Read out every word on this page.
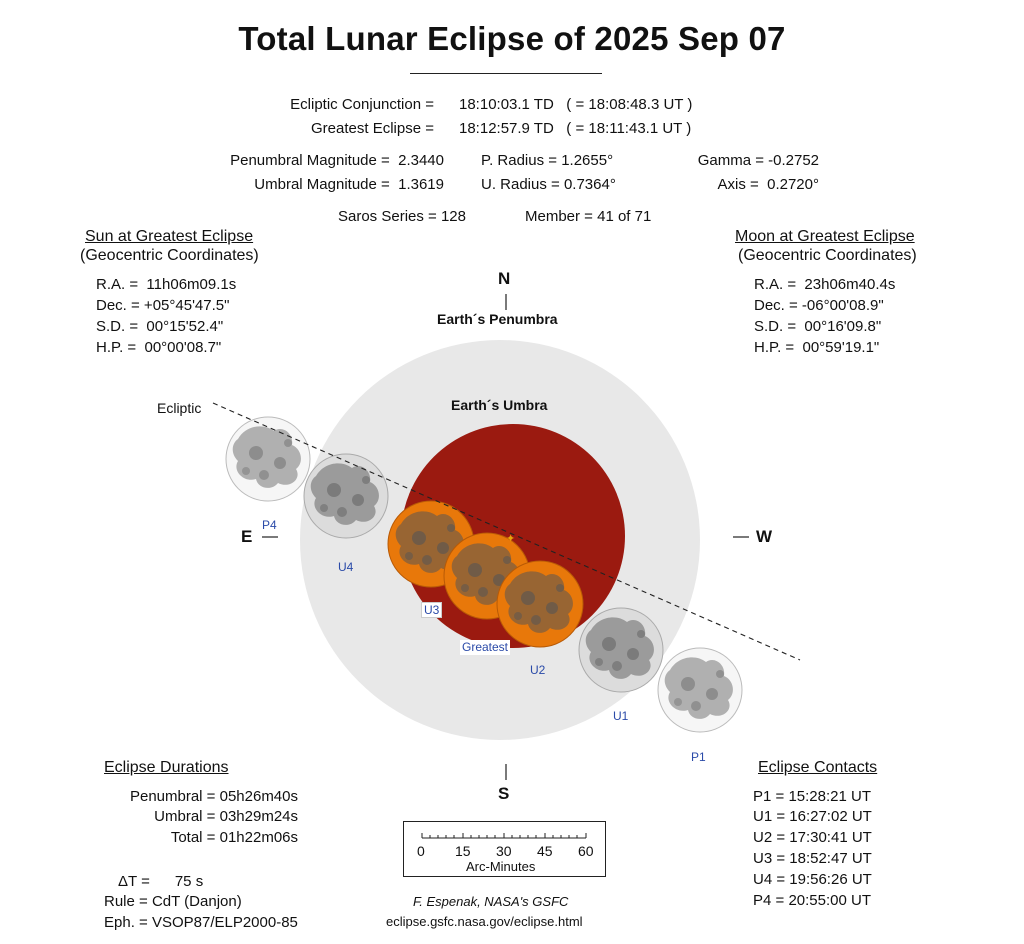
Total Lunar Eclipse of 2025 Sep 07
Ecliptic Conjunction = 18:10:03.1 TD   ( = 18:08:48.3 UT )
Greatest Eclipse = 18:12:57.9 TD   ( = 18:11:43.1 UT )
Penumbral Magnitude =  2.3440
Umbral Magnitude =  1.3619
P. Radius = 1.2655°
U. Radius = 0.7364°
Gamma = -0.2752
Axis =  0.2720°
Saros Series = 128	Member = 41 of 71
Sun at Greatest Eclipse
(Geocentric Coordinates)
R.A. =  11h06m09.1s
Dec. = +05°45'47.5"
S.D. =  00°15'52.4"
H.P. =  00°00'08.7"
Moon at Greatest Eclipse
(Geocentric Coordinates)
R.A. =  23h06m40.4s
Dec. = -06°00'08.9"
S.D. =  00°16'09.8"
H.P. =  00°59'19.1"
✦
N
S
E	W
Earth´s Penumbra
Earth´s Umbra
Ecliptic
P4
U4
U3
Greatest
U2
U1
P1
Eclipse Durations
Penumbral = 05h26m40s
Umbral = 03h29m24s
Total = 01h22m06s
ΔT =      75 s
Rule = CdT (Danjon)
Eph. = VSOP87/ELP2000-85
Eclipse Contacts
P1 = 15:28:21 UT
U1 = 16:27:02 UT
U2 = 17:30:41 UT
U3 = 18:52:47 UT
U4 = 19:56:26 UT
P4 = 20:55:00 UT
0 15 30 45 60
Arc-Minutes
F. Espenak, NASA's GSFC
eclipse.gsfc.nasa.gov/eclipse.html
